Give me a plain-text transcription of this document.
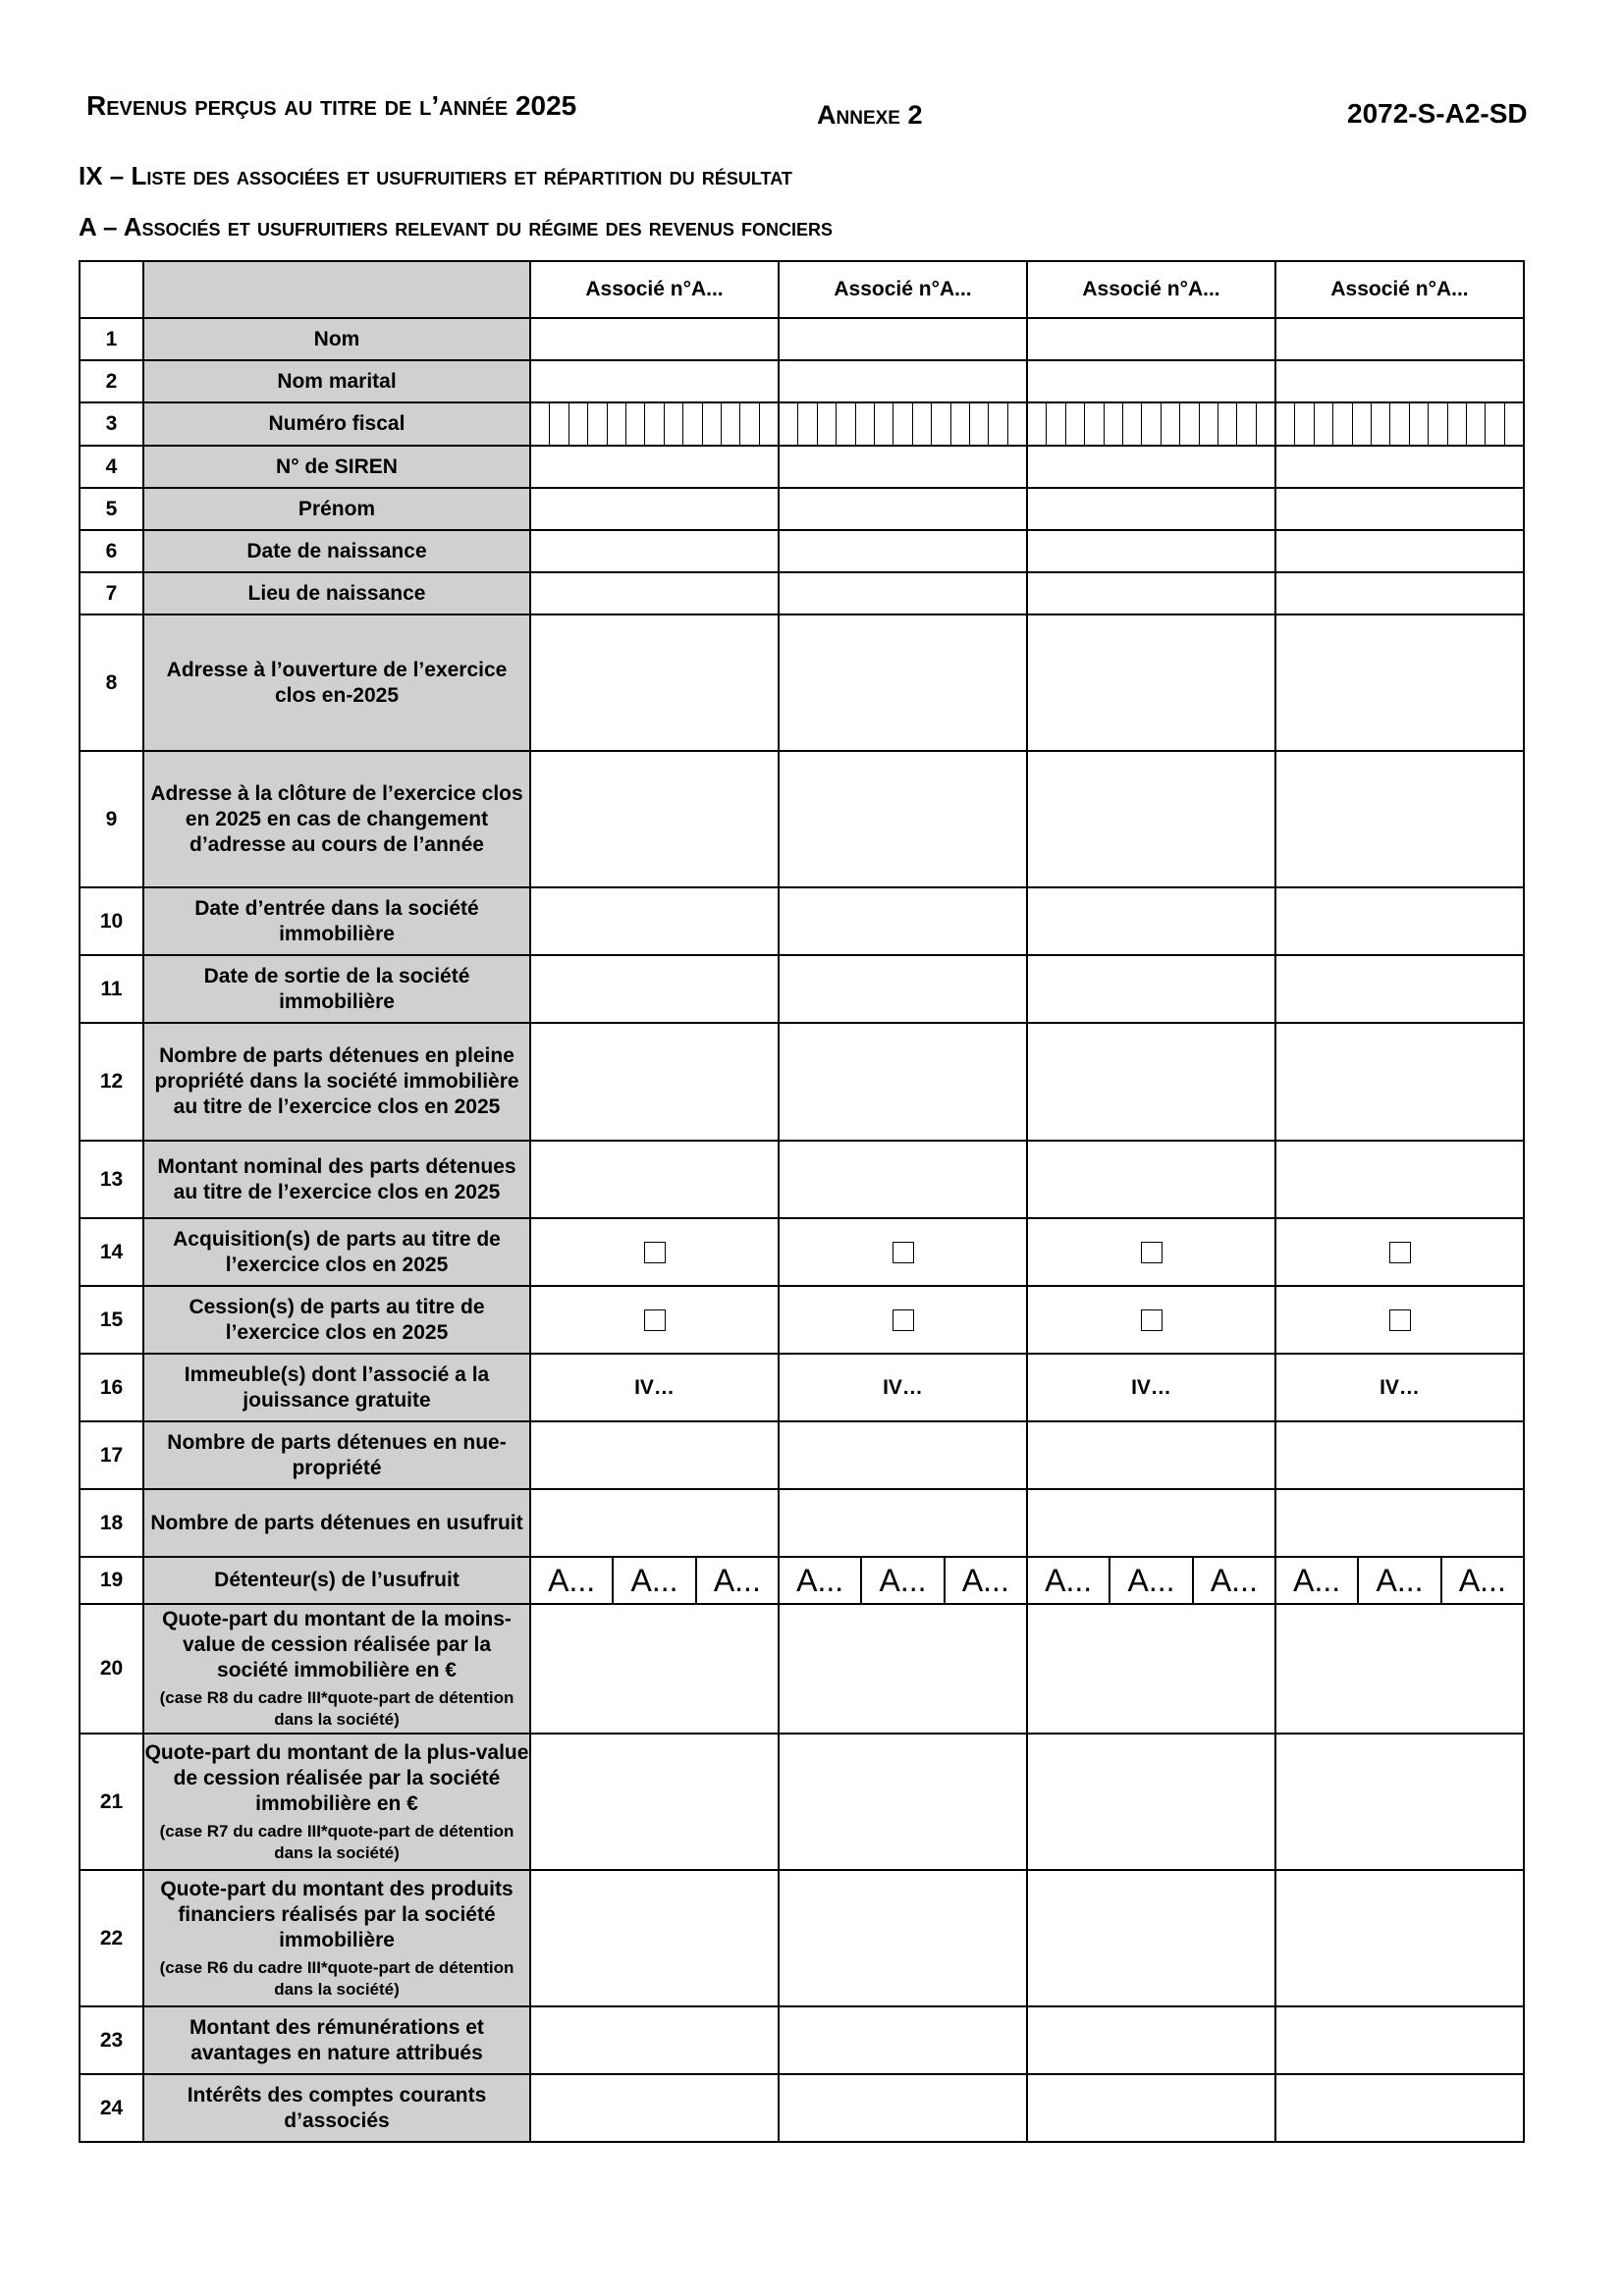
Revenus perçus au titre de l’année 2025	Annexe 2	2072-S-A2-SD
IX – Liste des associées et usufruitiers et répartition du résultat
A – Associés et usufruitiers relevant du régime des revenus fonciers
		Associé n°A...	Associé n°A...	Associé n°A...	Associé n°A...
1	Nom				
2	Nom marital				
3	Numéro fiscal	

4	N° de SIREN				
5	Prénom				
6	Date de naissance				
7	Lieu de naissance				
8	Adresse à l’ouverture de l’exercice clos en-2025				
9	Adresse à la clôture de l’exercice clos en 2025 en cas de changement d’adresse au cours de l’année				
10	Date d’entrée dans la société immobilière				
11	Date de sortie de la société immobilière				
12	Nombre de parts détenues en pleine propriété dans la société immobilière au titre de l’exercice clos en 2025				
13	Montant nominal des parts détenues au titre de l’exercice clos en 2025				
14	Acquisition(s) de parts au titre de l’exercice clos en 2025				
15	Cession(s) de parts au titre de l’exercice clos en 2025				
16	Immeuble(s) dont l’associé a la jouissance gratuite	IV…	IV…	IV…	IV…
17	Nombre de parts détenues en nue-propriété				
18	Nombre de parts détenues en usufruit				
19	Détenteur(s) de l’usufruit	A... A... A...	A... A... A...	A... A... A...	A... A... A...

20	Quote-part du montant de la moins-value de cession réalisée par la société immobilière en €
(case R8 du cadre III*quote-part de détention dans la société)				

21	Quote-part du montant de la plus-value de cession réalisée par la société immobilière en €
(case R7 du cadre III*quote-part de détention dans la société)				

22	Quote-part du montant des produits financiers réalisés par la société immobilière
(case R6 du cadre III*quote-part de détention dans la société)				

23	Montant des rémunérations et avantages en nature attribués				
24	Intérêts des comptes courants d’associés				
